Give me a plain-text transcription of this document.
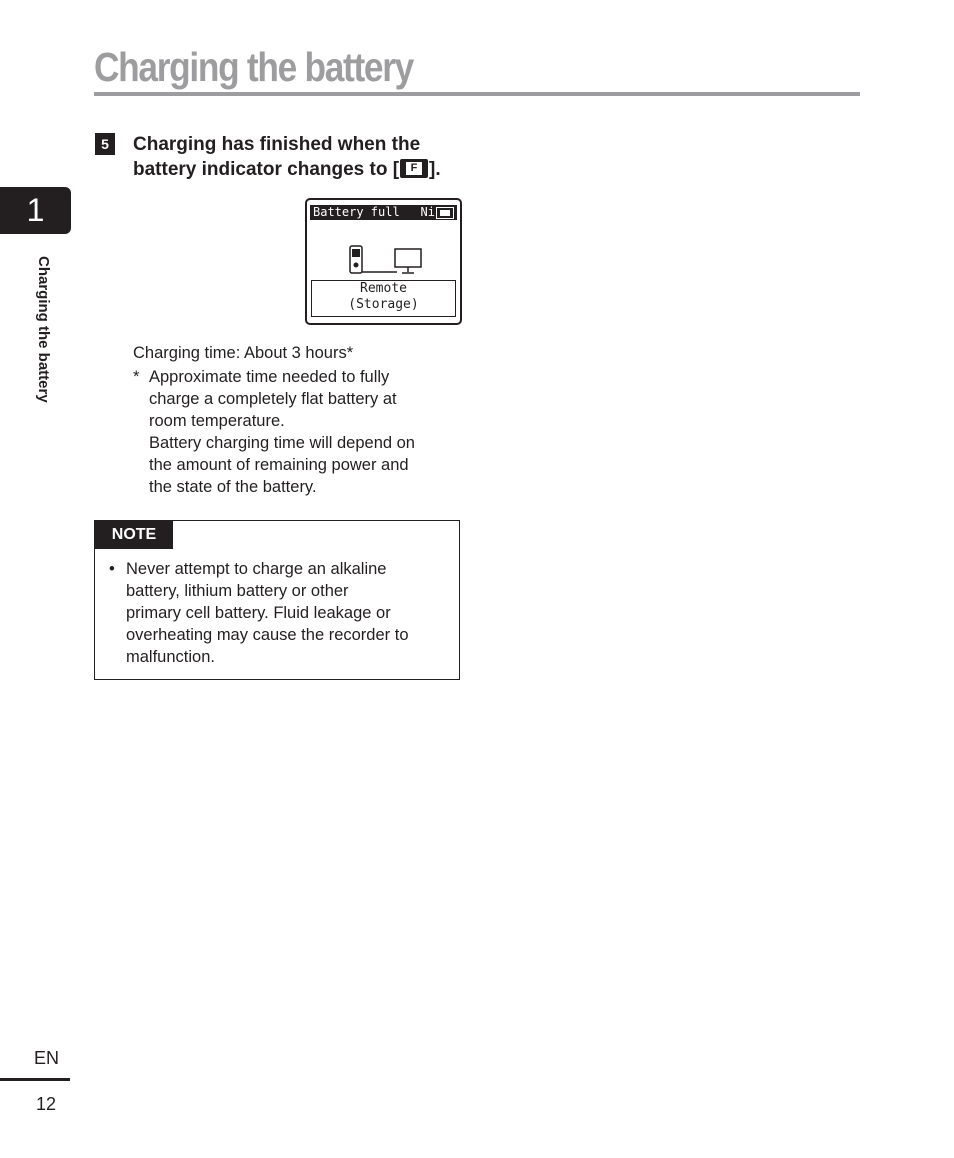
Charging the battery
1
Charging the battery
5	Charging has finished when the
battery indicator changes to [	F ].
Battery full Ni
Remote
(Storage)
Charging time: About 3 hours*
* Approximate time needed to fully
charge a completely flat battery at
room temperature.
Battery charging time will depend on
the amount of remaining power and
the state of the battery.
NOTE
• Never attempt to charge an alkaline
battery, lithium battery or other
primary cell battery. Fluid leakage or
overheating may cause the recorder to
malfunction.
EN
12
